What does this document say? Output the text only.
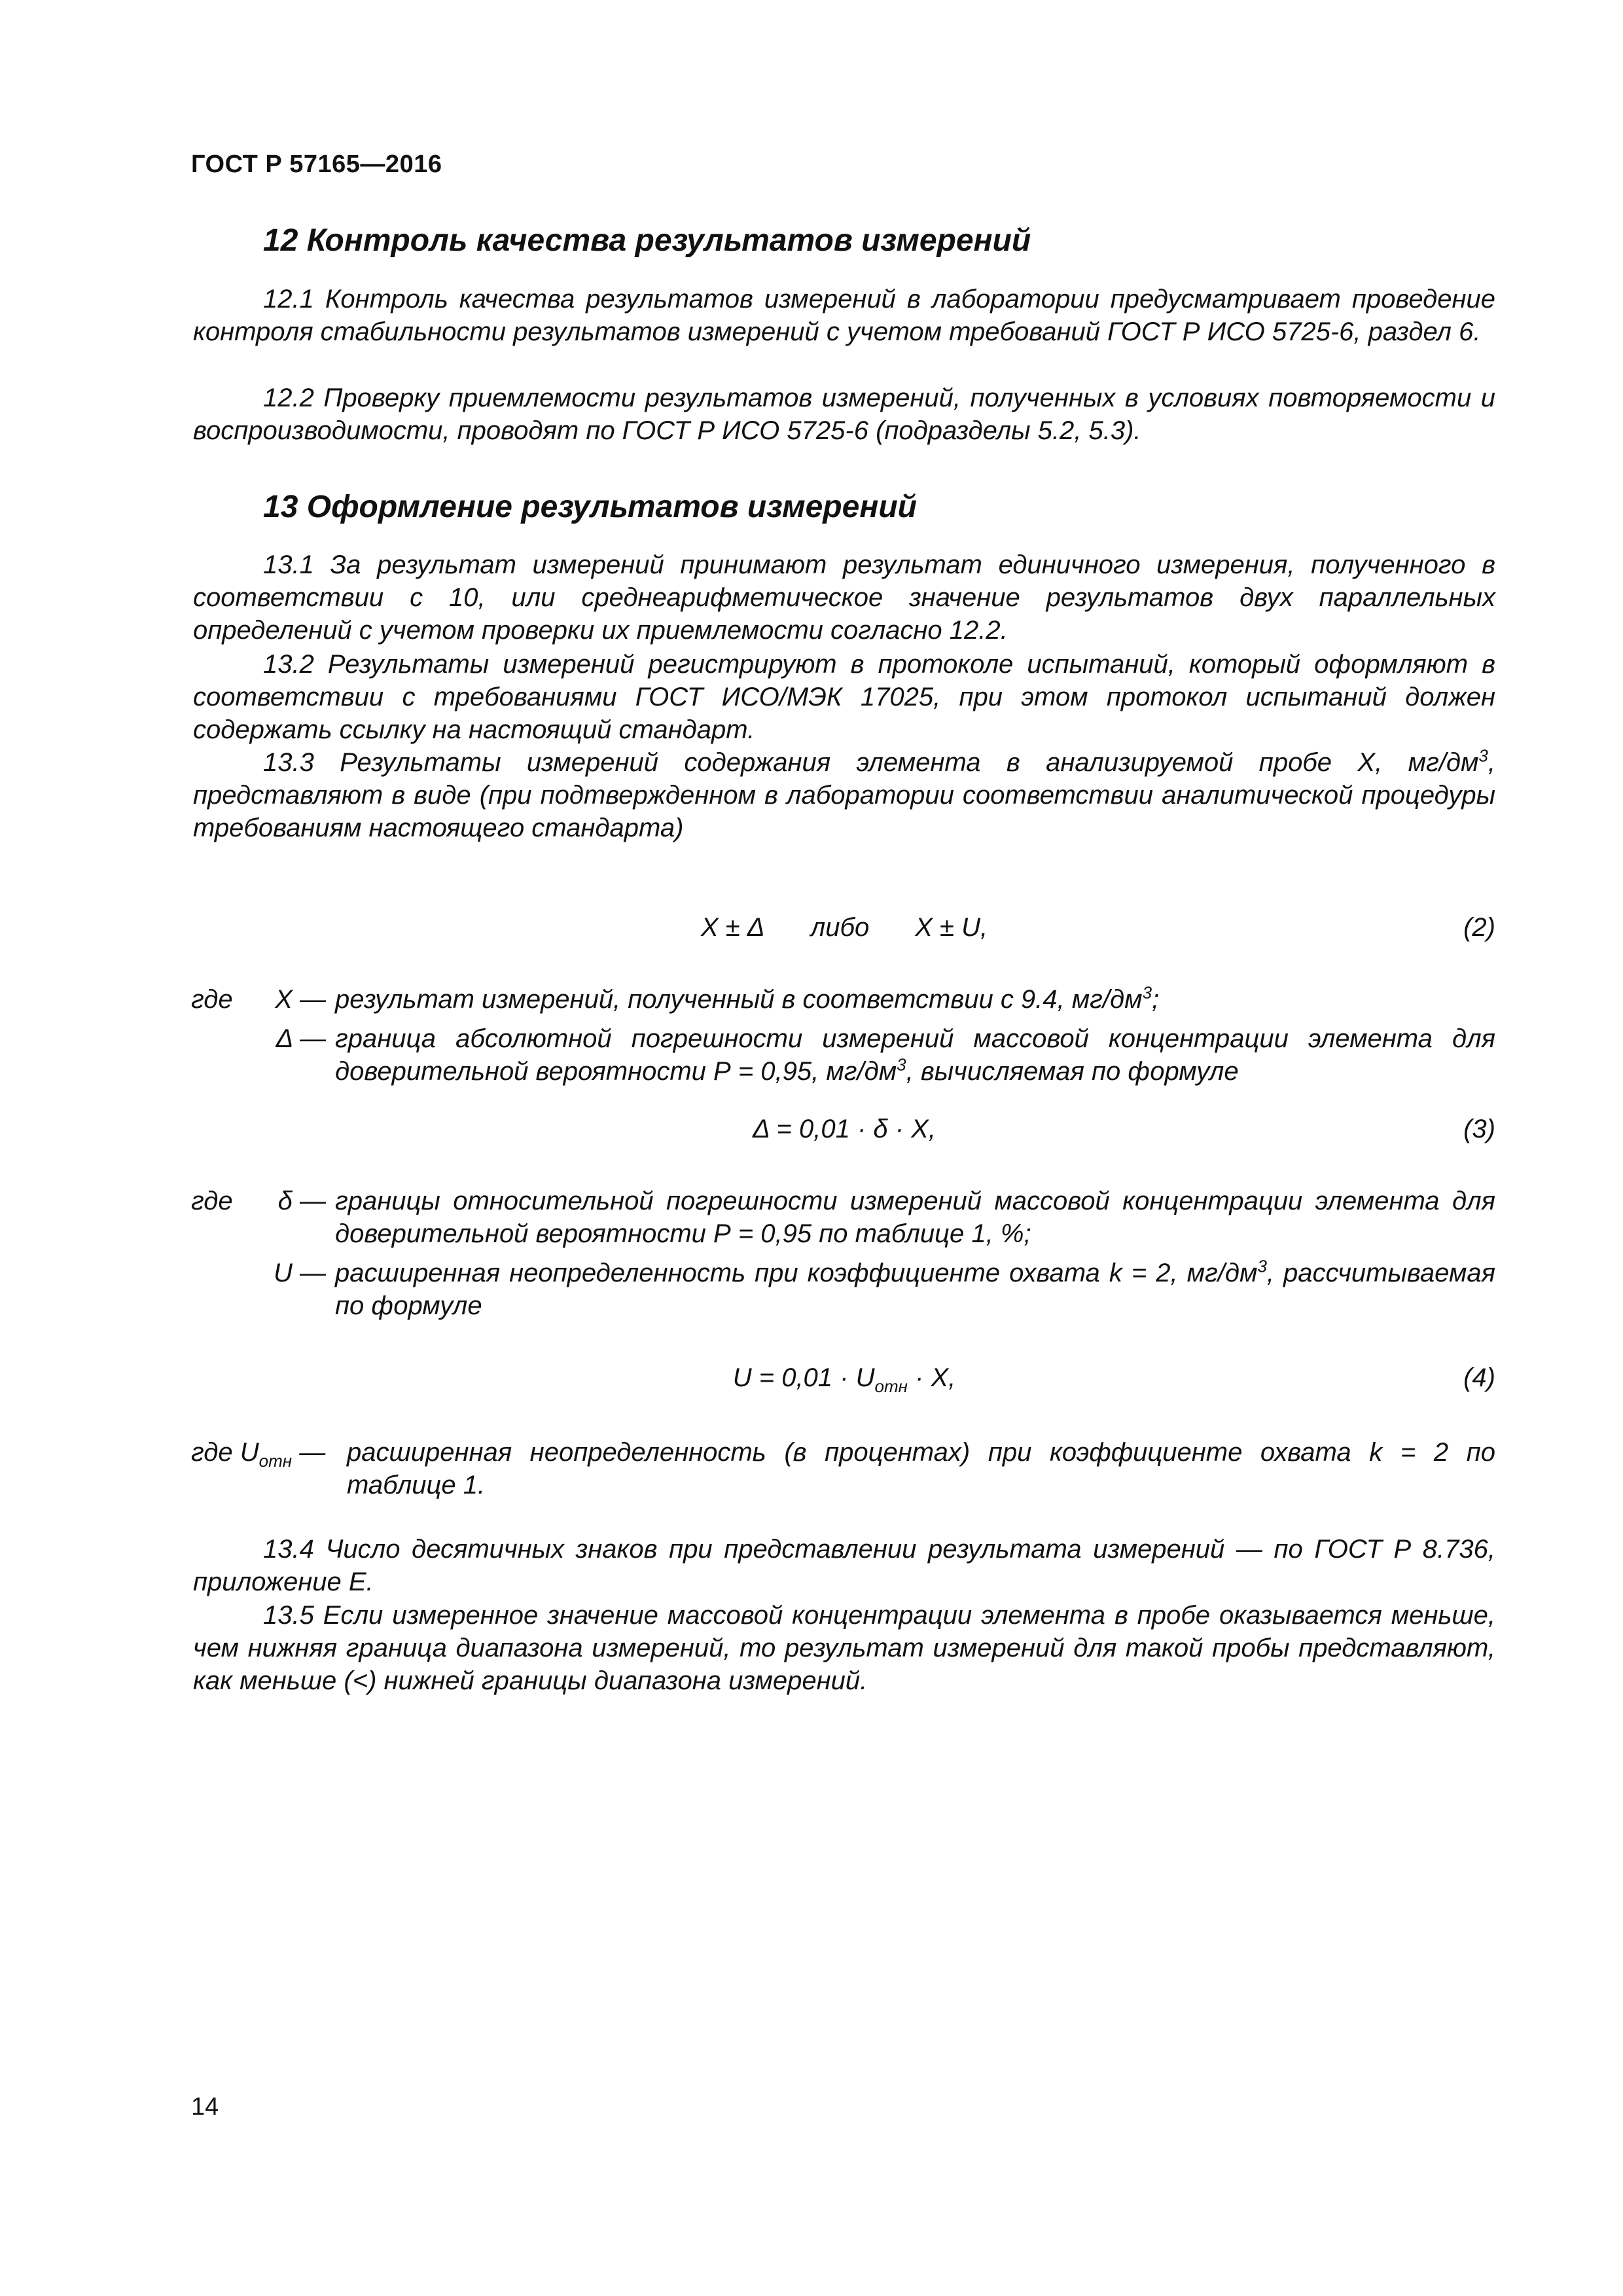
ГОСТ Р 57165—2016
12 Контроль качества результатов измерений
12.1 Контроль качества результатов измерений в лаборатории предусматривает проведение контроля стабильности результатов измерений с учетом требований ГОСТ Р ИСО 5725-6, раздел 6.
12.2 Проверку приемлемости результатов измерений, полученных в условиях повторяемости и воспроизводимости, проводят по ГОСТ Р ИСО 5725-6 (подразделы 5.2, 5.3).
13 Оформление результатов измерений
13.1 За результат измерений принимают результат единичного измерения, полученного в соответствии с 10, или среднеарифметическое значение результатов двух параллельных определений с учетом проверки их приемлемости согласно 12.2.
13.2 Результаты измерений регистрируют в протоколе испытаний, который оформляют в соответствии с требованиями ГОСТ ИСО/МЭК 17025, при этом протокол испытаний должен содержать ссылку на настоящий стандарт.
13.3 Результаты измерений содержания элемента в анализируемой пробе X, $мг/дм^3$, представляют в виде (при подтвержденном в лаборатории соответствии аналитической процедуры требованиям настоящего стандарта)
X ± Δ либо X ± U,	(2)
где	X — результат измерений, полученный в соответствии с 9.4, $мг/дм^3$;
Δ — граница абсолютной погрешности измерений массовой концентрации элемента для доверительной вероятности Р = 0,95, $мг/дм^3$, вычисляемая по формуле
Δ = 0,01 · δ · X,	(3)
где	δ — границы относительной погрешности измерений массовой концентрации элемента для доверительной вероятности Р = 0,95 по таблице 1, %;
U — расширенная неопределенность при коэффициенте охвата k = 2, $мг/дм^3$, рассчитываемая по формуле
$U = 0,01 \cdot U_{отн} \cdot X$,	(4)
где $U_{отн}$ — расширенная неопределенность (в процентах) при коэффициенте охвата k = 2 по таблице 1.
13.4 Число десятичных знаков при представлении результата измерений — по ГОСТ Р 8.736, приложение Е.
13.5 Если измеренное значение массовой концентрации элемента в пробе оказывается меньше, чем нижняя граница диапазона измерений, то результат измерений для такой пробы представляют, как меньше (<) нижней границы диапазона измерений.
14
